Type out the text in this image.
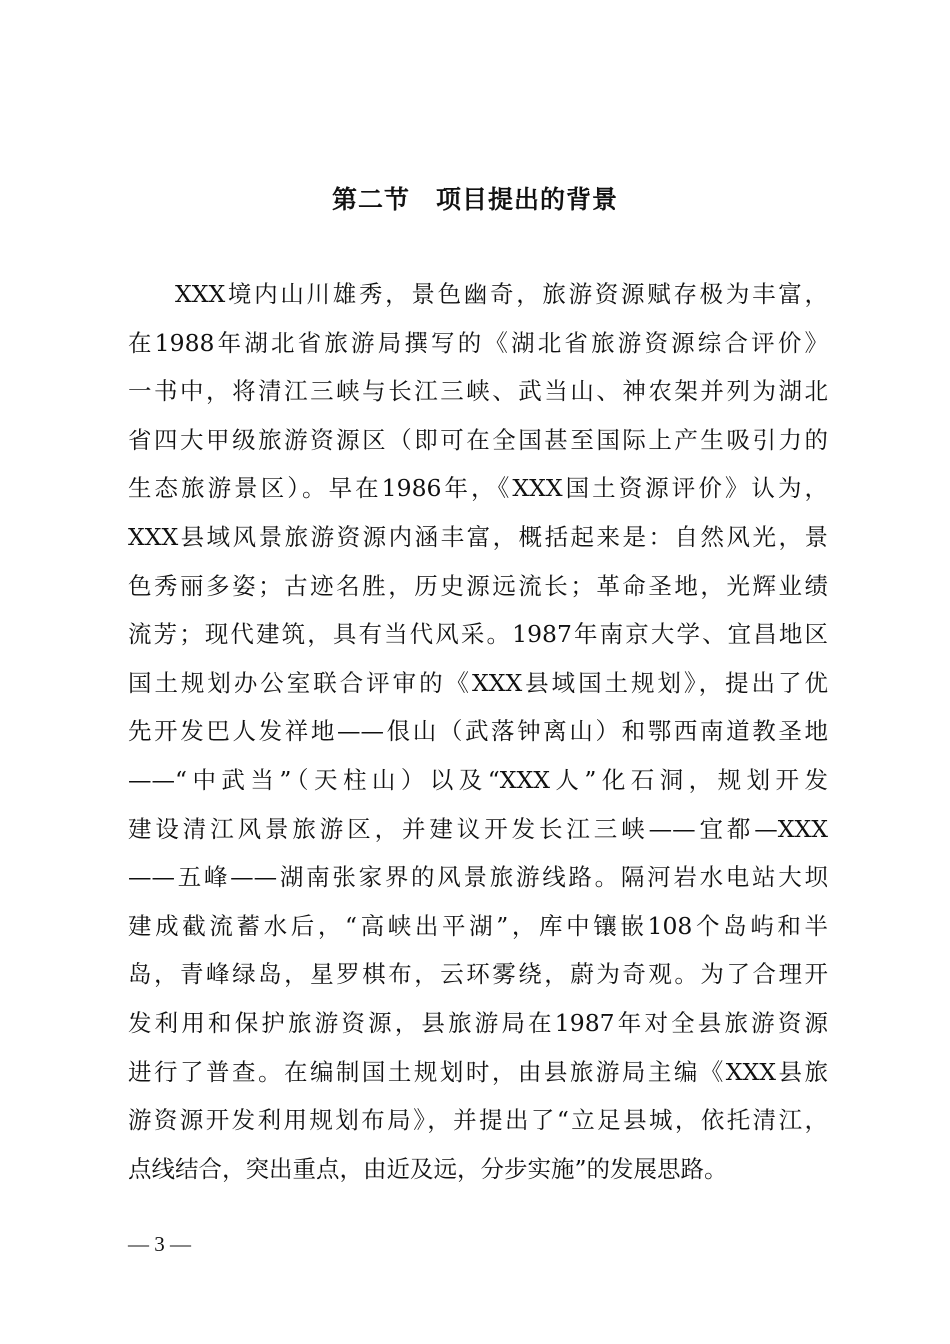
第二节　项目提出的背景
XXX境内山川雄秀，景色幽奇，旅游资源赋存极为丰富，
在1988年湖北省旅游局撰写的《湖北省旅游资源综合评价》
一书中，将清江三峡与长江三峡、武当山、神农架并列为湖北
省四大甲级旅游资源区（即可在全国甚至国际上产生吸引力的
生态旅游景区）。早在1986年，《XXX国土资源评价》认为，
XXX县域风景旅游资源内涵丰富，概括起来是：自然风光，景
色秀丽多姿；古迹名胜，历史源远流长；革命圣地，光辉业绩
流芳；现代建筑，具有当代风采。1987年南京大学、宜昌地区
国土规划办公室联合评审的《XXX县域国土规划》，提出了优
先开发巴人发祥地——佷山（武落钟离山）和鄂西南道教圣地
——“中武当”（天柱山）以及“XXX人”化石洞，规划开发
建设清江风景旅游区，并建议开发长江三峡——宜都—XXX
——五峰——湖南张家界的风景旅游线路。隔河岩水电站大坝
建成截流蓄水后，“高峡出平湖”，库中镶嵌108个岛屿和半
岛，青峰绿岛，星罗棋布，云环雾绕，蔚为奇观。为了合理开
发利用和保护旅游资源，县旅游局在1987年对全县旅游资源
进行了普查。在编制国土规划时，由县旅游局主编《XXX县旅
游资源开发利用规划布局》，并提出了“立足县城，依托清江，
点线结合，突出重点，由近及远，分步实施”的发展思路。

— 3 —
